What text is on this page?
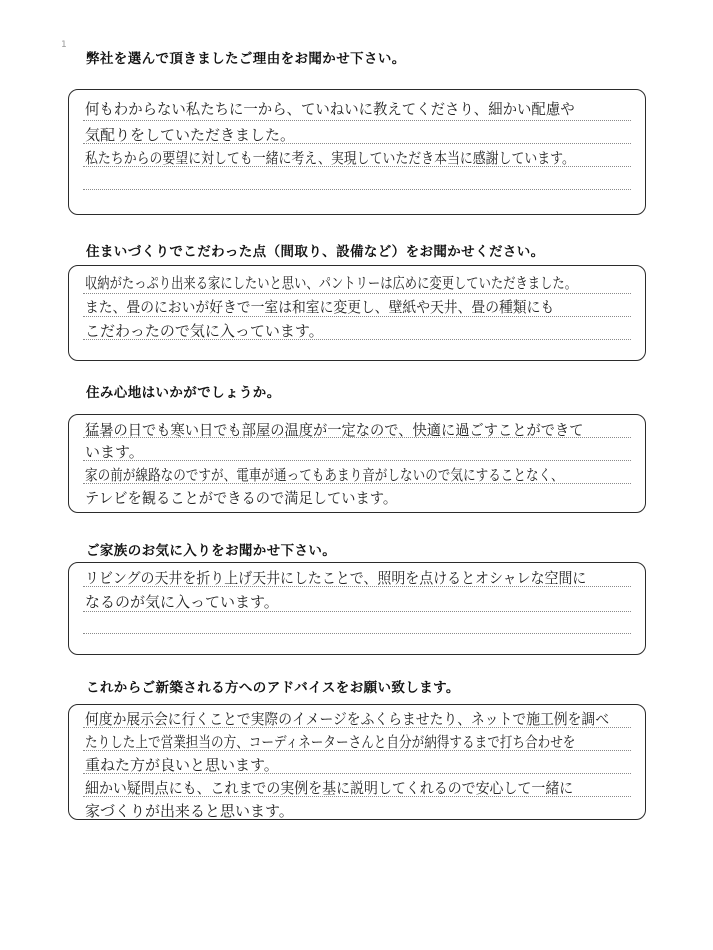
1
弊社を選んで頂きましたご理由をお聞かせ下さい。
何もわからない私たちに一から、ていねいに教えてくださり、細かい配慮や
気配りをしていただきました。
私たちからの要望に対しても一緒に考え、実現していただき本当に感謝しています。
住まいづくりでこだわった点（間取り、設備など）をお聞かせください。
収納がたっぷり出来る家にしたいと思い、パントリーは広めに変更していただきました。
また、畳のにおいが好きで一室は和室に変更し、壁紙や天井、畳の種類にも
こだわったので気に入っています。
住み心地はいかがでしょうか。
猛暑の日でも寒い日でも部屋の温度が一定なので、快適に過ごすことができて
います。
家の前が線路なのですが、電車が通ってもあまり音がしないので気にすることなく、
テレビを観ることができるので満足しています。
ご家族のお気に入りをお聞かせ下さい。
リビングの天井を折り上げ天井にしたことで、照明を点けるとオシャレな空間に
なるのが気に入っています。
これからご新築される方へのアドバイスをお願い致します。
何度か展示会に行くことで実際のイメージをふくらませたり、ネットで施工例を調べ
たりした上で営業担当の方、コーディネーターさんと自分が納得するまで打ち合わせを
重ねた方が良いと思います。
細かい疑問点にも、これまでの実例を基に説明してくれるので安心して一緒に
家づくりが出来ると思います。
